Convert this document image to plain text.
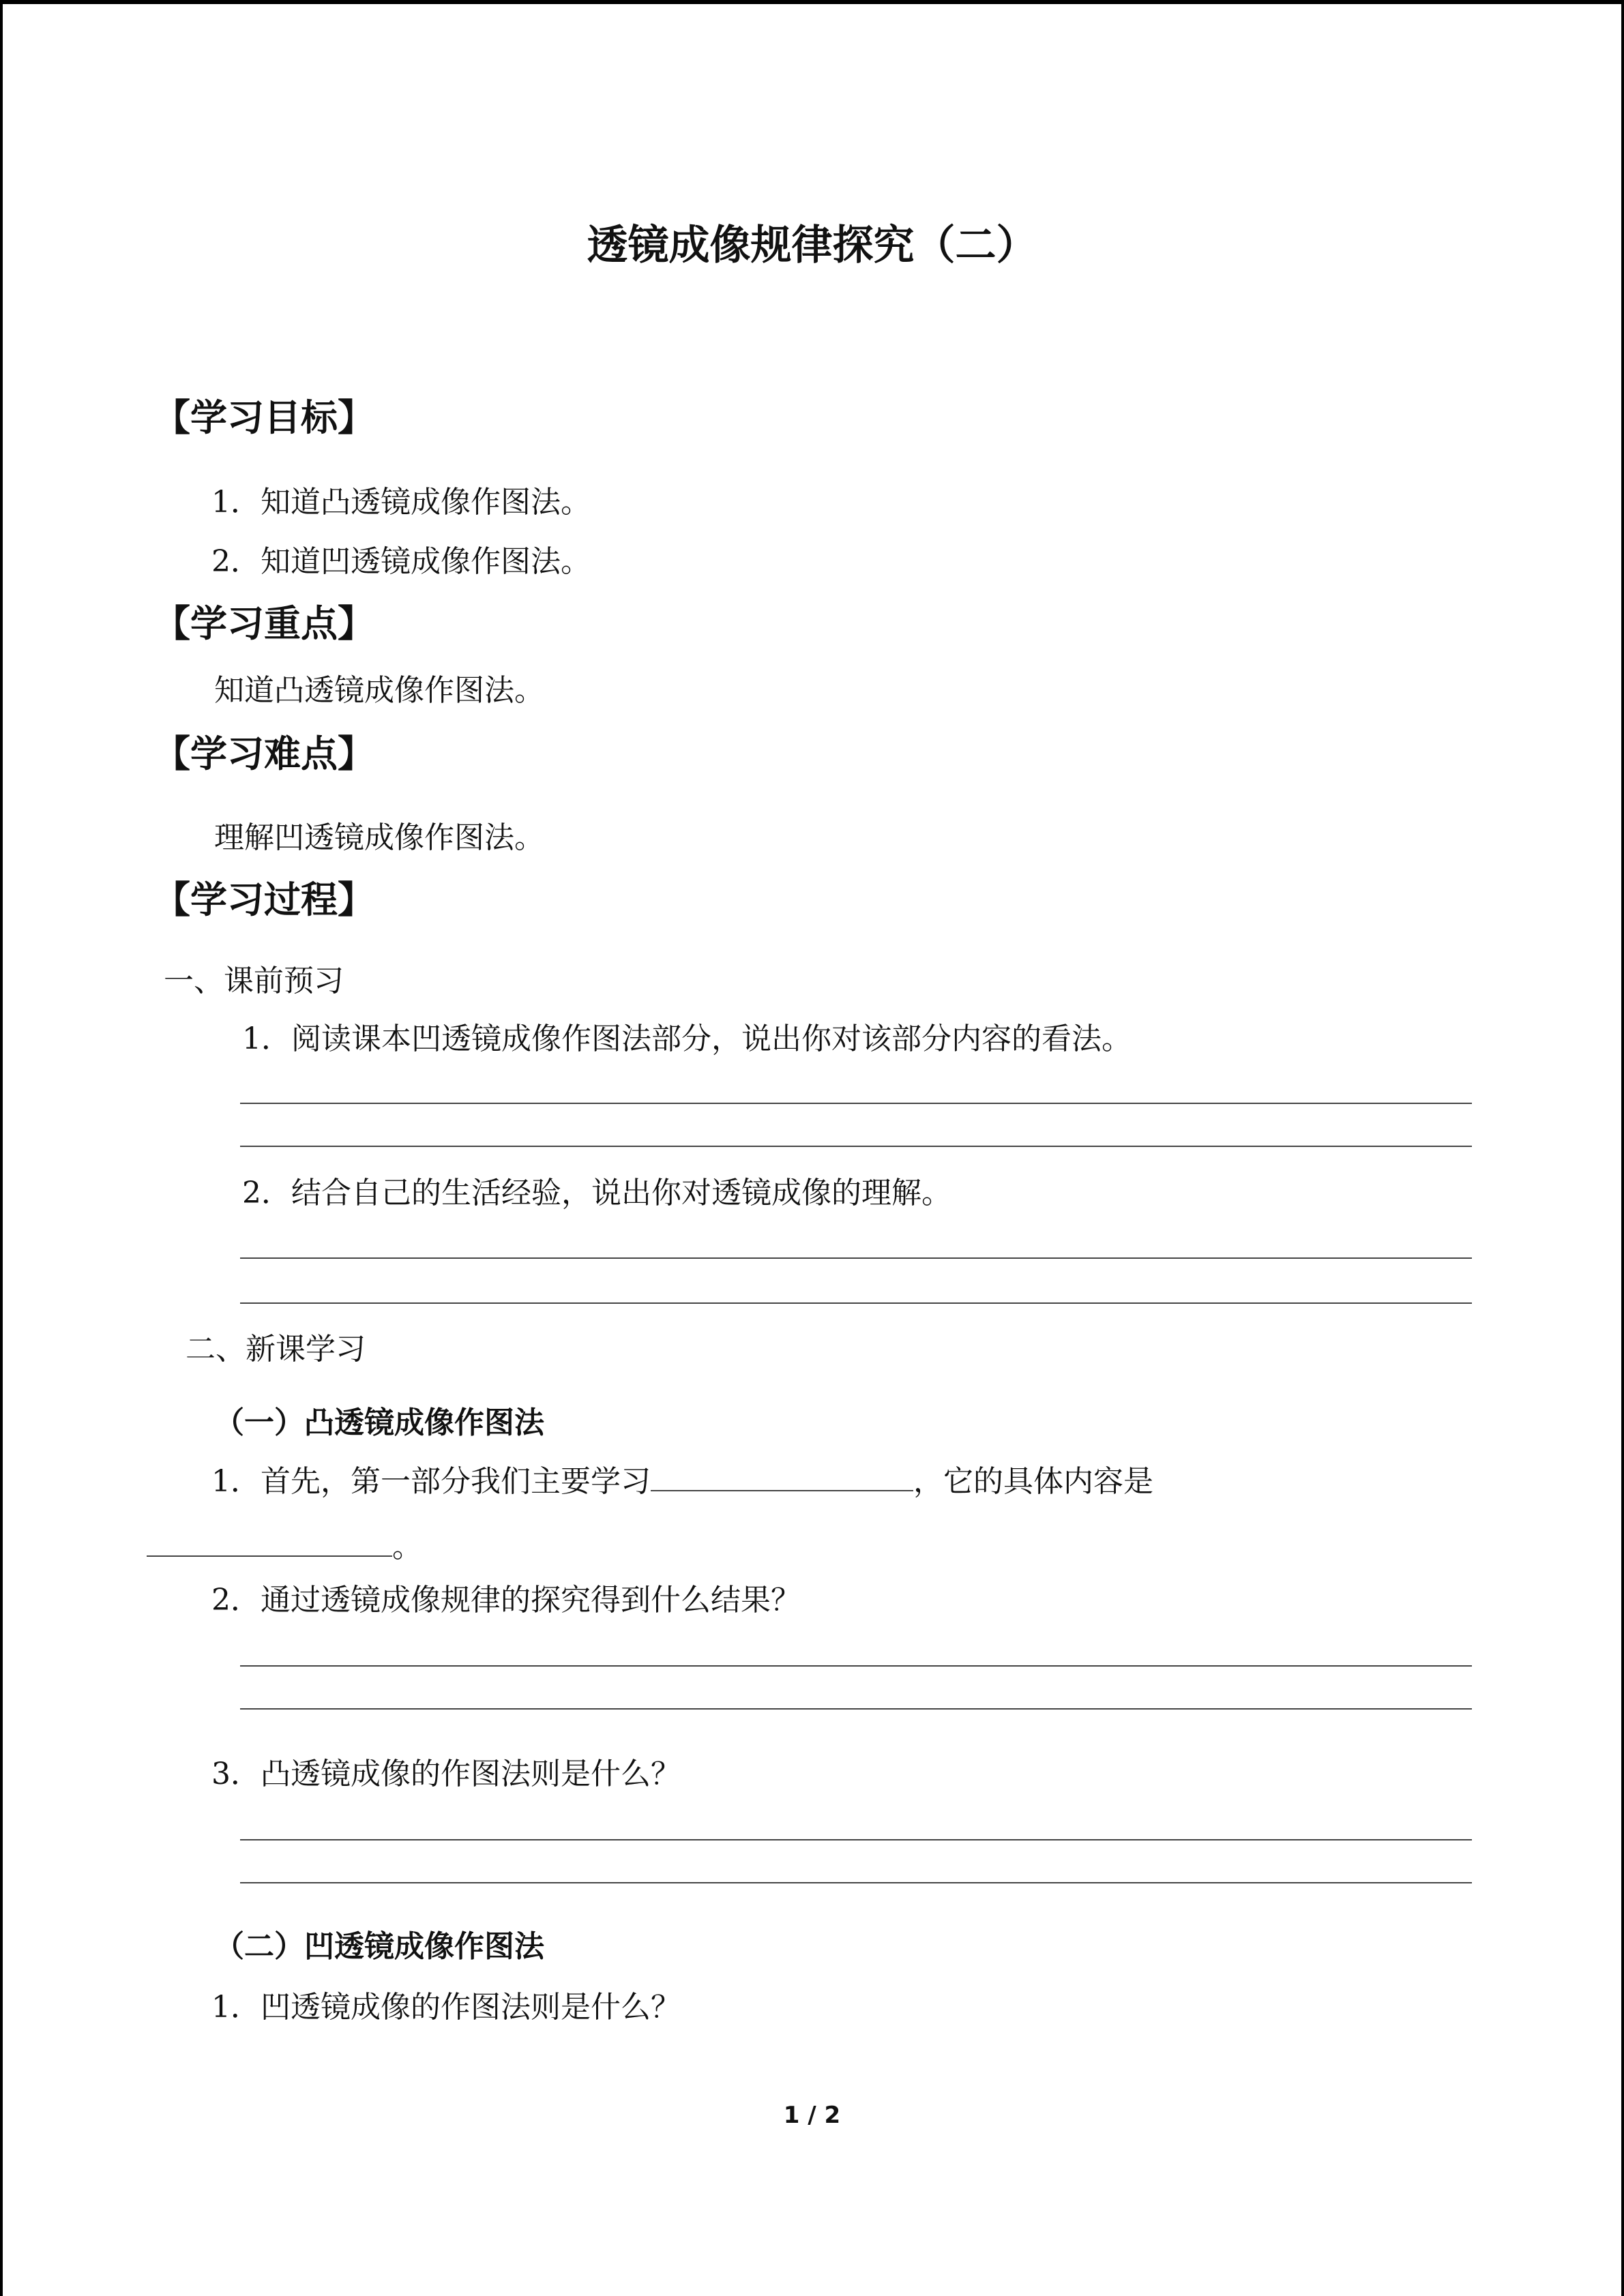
透镜成像规律探究（二）
【学习目标】
1．知道凸透镜成像作图法。
2．知道凹透镜成像作图法。
【学习重点】
知道凸透镜成像作图法。
【学习难点】
理解凹透镜成像作图法。
【学习过程】
一、课前预习
1．阅读课本凹透镜成像作图法部分，说出你对该部分内容的看法。
2．结合自己的生活经验，说出你对透镜成像的理解。
二、新课学习
（一）凸透镜成像作图法
1．首先，第一部分我们主要学习	，它的具体内容是
。
2．通过透镜成像规律的探究得到什么结果？
3．凸透镜成像的作图法则是什么？
（二）凹透镜成像作图法
1．凹透镜成像的作图法则是什么？
1 / 2
